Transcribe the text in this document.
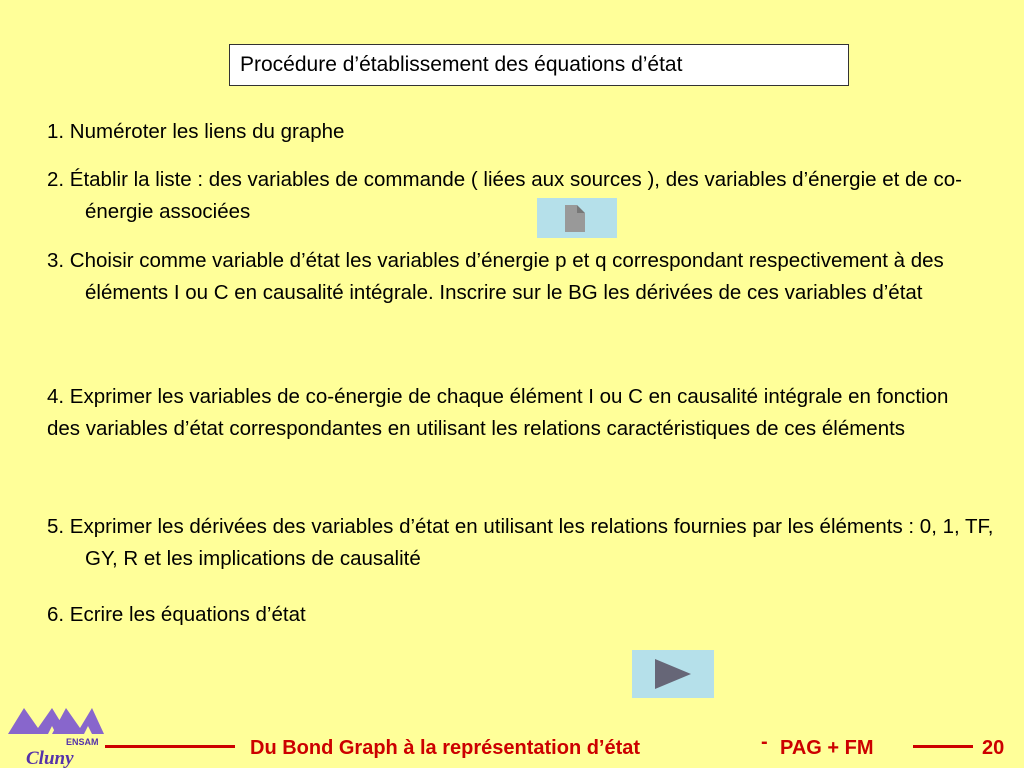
Procédure d’établissement des équations d’état
1. Numéroter les liens du graphe
2. Établir la liste : des variables de commande ( liées aux sources ), des variables d’énergie et de co-énergie associées
3. Choisir comme variable d’état les variables d’énergie p et q correspondant respectivement à des éléments I ou C en causalité intégrale. Inscrire sur le BG les dérivées de ces variables d’état
4. Exprimer les variables de co-énergie de chaque élément I ou C en causalité intégrale en fonction des variables d’état correspondantes en utilisant les relations caractéristiques de ces éléments
5. Exprimer les dérivées des variables d’état en utilisant les relations fournies par les éléments : 0, 1, TF, GY, R et les implications de causalité
6. Ecrire les équations d’état
ENSAM
Cluny	Du Bond Graph à la représentation d’état	- PAG + FM	20
